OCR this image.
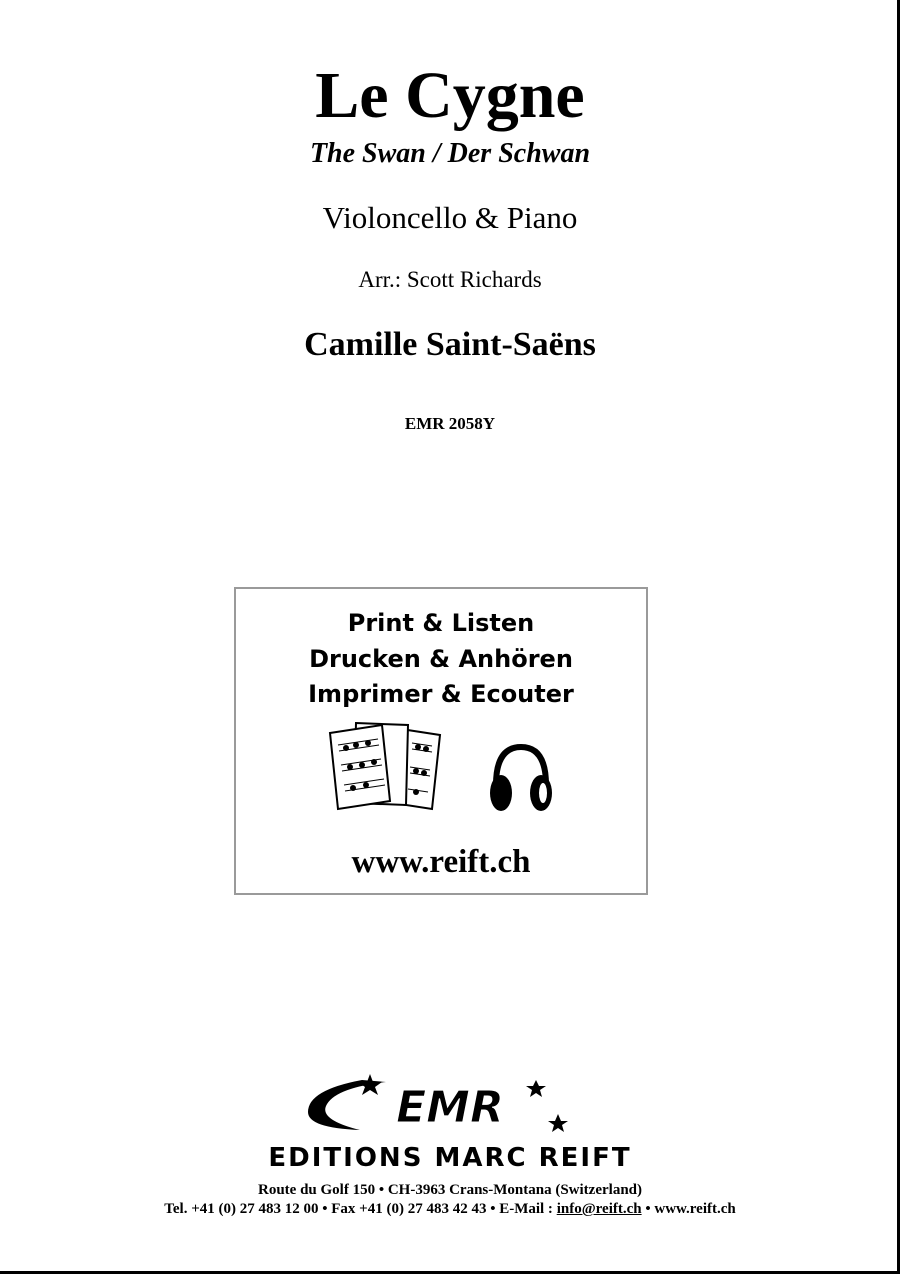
Le Cygne
The Swan / Der Schwan
Violoncello & Piano
Arr.: Scott Richards
Camille Saint-Saëns
EMR 2058Y
Print & Listen
Drucken & Anhören
Imprimer & Ecouter
www.reift.ch
EMR
EDITIONS MARC REIFT
Route du Golf 150 • CH-3963 Crans-Montana (Switzerland)
Tel. +41 (0) 27 483 12 00 • Fax +41 (0) 27 483 42 43 • E-Mail : info@reift.ch • www.reift.ch
